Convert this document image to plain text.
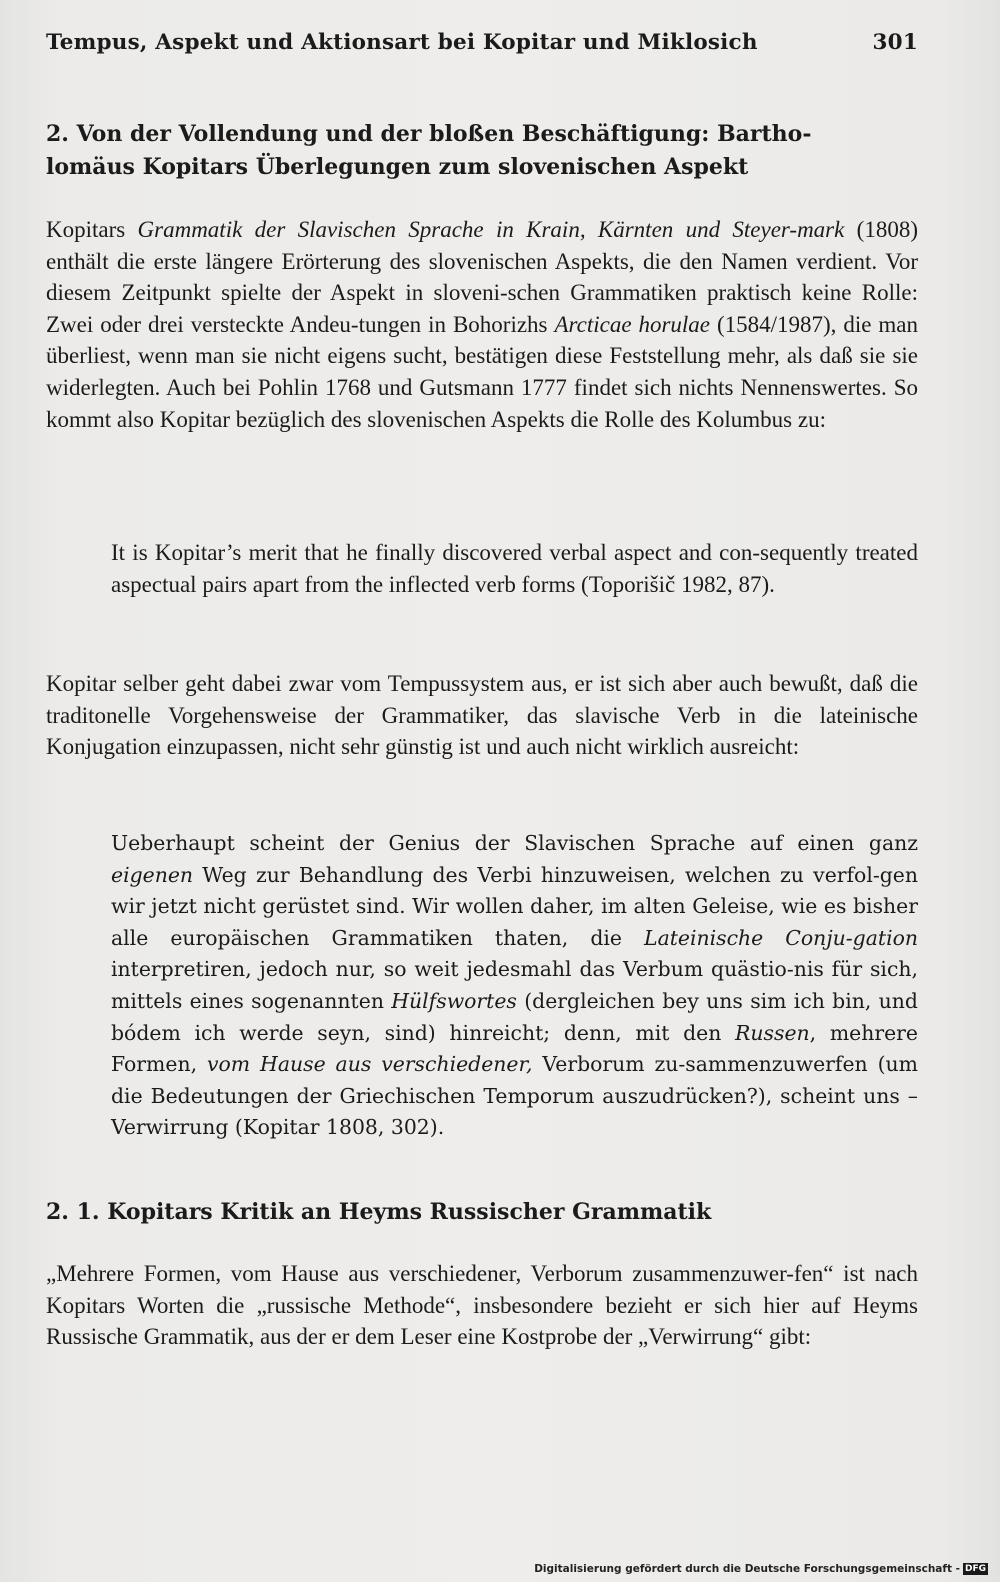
Tempus, Aspekt und Aktionsart bei Kopitar und Miklosich	301
2. Von der Vollendung und der bloßen Beschäftigung: Bartho-
lomäus Kopitars Überlegungen zum slovenischen Aspekt

Kopitars Grammatik der Slavischen Sprache in Krain, Kärnten und Steyer-mark (1808) enthält die erste längere Erörterung des slovenischen Aspekts, die den Namen verdient. Vor diesem Zeitpunkt spielte der Aspekt in sloveni-schen Grammatiken praktisch keine Rolle: Zwei oder drei versteckte Andeu-tungen in Bohorizhs Arcticae horulae (1584/1987), die man überliest, wenn man sie nicht eigens sucht, bestätigen diese Feststellung mehr, als daß sie sie widerlegten. Auch bei Pohlin 1768 und Gutsmann 1777 findet sich nichts Nennenswertes. So kommt also Kopitar bezüglich des slovenischen Aspekts die Rolle des Kolumbus zu:

It is Kopitar’s merit that he finally discovered verbal aspect and con-sequently treated aspectual pairs apart from the inflected verb forms (Toporišič 1982, 87).

Kopitar selber geht dabei zwar vom Tempussystem aus, er ist sich aber auch bewußt, daß die traditonelle Vorgehensweise der Grammatiker, das slavische Verb in die lateinische Konjugation einzupassen, nicht sehr günstig ist und auch nicht wirklich ausreicht:

Ueberhaupt scheint der Genius der Slavischen Sprache auf einen ganz eigenen Weg zur Behandlung des Verbi hinzuweisen, welchen zu verfol-gen wir jetzt nicht gerüstet sind. Wir wollen daher, im alten Geleise, wie es bisher alle europäischen Grammatiken thaten, die Lateinische Conju-gation interpretiren, jedoch nur, so weit jedesmahl das Verbum quästio-nis für sich, mittels eines sogenannten Hülfswortes (dergleichen bey uns sim ich bin, und bódem ich werde seyn, sind) hinreicht; denn, mit den Russen, mehrere Formen, vom Hause aus verschiedener, Verborum zu-sammenzuwerfen (um die Bedeutungen der Griechischen Temporum auszudrücken?), scheint uns – Verwirrung (Kopitar 1808, 302).

2. 1. Kopitars Kritik an Heyms Russischer Grammatik

„Mehrere Formen, vom Hause aus verschiedener, Verborum zusammenzuwer-fen“ ist nach Kopitars Worten die „russische Methode“, insbesondere bezieht er sich hier auf Heyms Russische Grammatik, aus der er dem Leser eine Kostprobe der „Verwirrung“ gibt:

Digitalisierung gefördert durch die Deutsche Forschungsgemeinschaft - DFG
